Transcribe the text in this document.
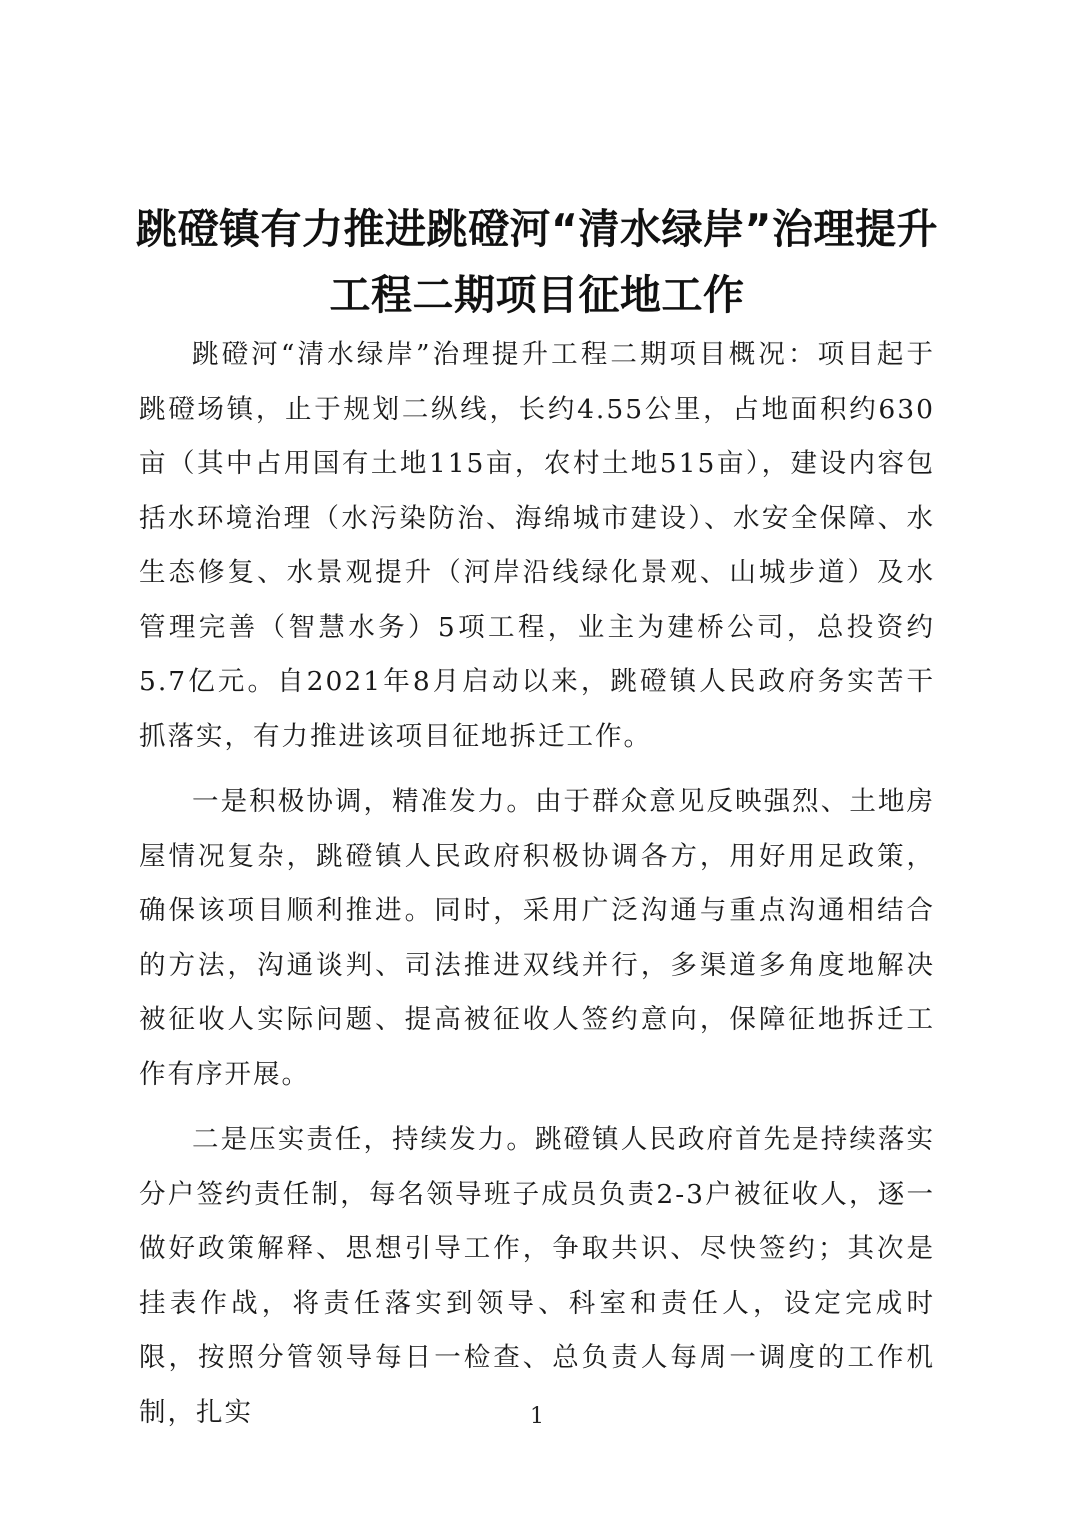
跳磴镇有力推进跳磴河“清水绿岸”治理提升工程二期项目征地工作

跳磴河“清水绿岸”治理提升工程二期项目概况：项目起于跳磴场镇，止于规划二纵线，长约4.55公里，占地面积约630亩（其中占用国有土地115亩，农村土地515亩），建设内容包括水环境治理（水污染防治、海绵城市建设）、水安全保障、水生态修复、水景观提升（河岸沿线绿化景观、山城步道）及水管理完善（智慧水务）5项工程，业主为建桥公司，总投资约5.7亿元。自2021年8月启动以来，跳磴镇人民政府务实苦干抓落实，有力推进该项目征地拆迁工作。

一是积极协调，精准发力。由于群众意见反映强烈、土地房屋情况复杂，跳磴镇人民政府积极协调各方，用好用足政策，确保该项目顺利推进。同时，采用广泛沟通与重点沟通相结合的方法，沟通谈判、司法推进双线并行，多渠道多角度地解决被征收人实际问题、提高被征收人签约意向，保障征地拆迁工作有序开展。

二是压实责任，持续发力。跳磴镇人民政府首先是持续落实分户签约责任制，每名领导班子成员负责2-3户被征收人，逐一做好政策解释、思想引导工作，争取共识、尽快签约；其次是挂表作战，将责任落实到领导、科室和责任人，设定完成时限，按照分管领导每日一检查、总负责人每周一调度的工作机制，扎实	1
